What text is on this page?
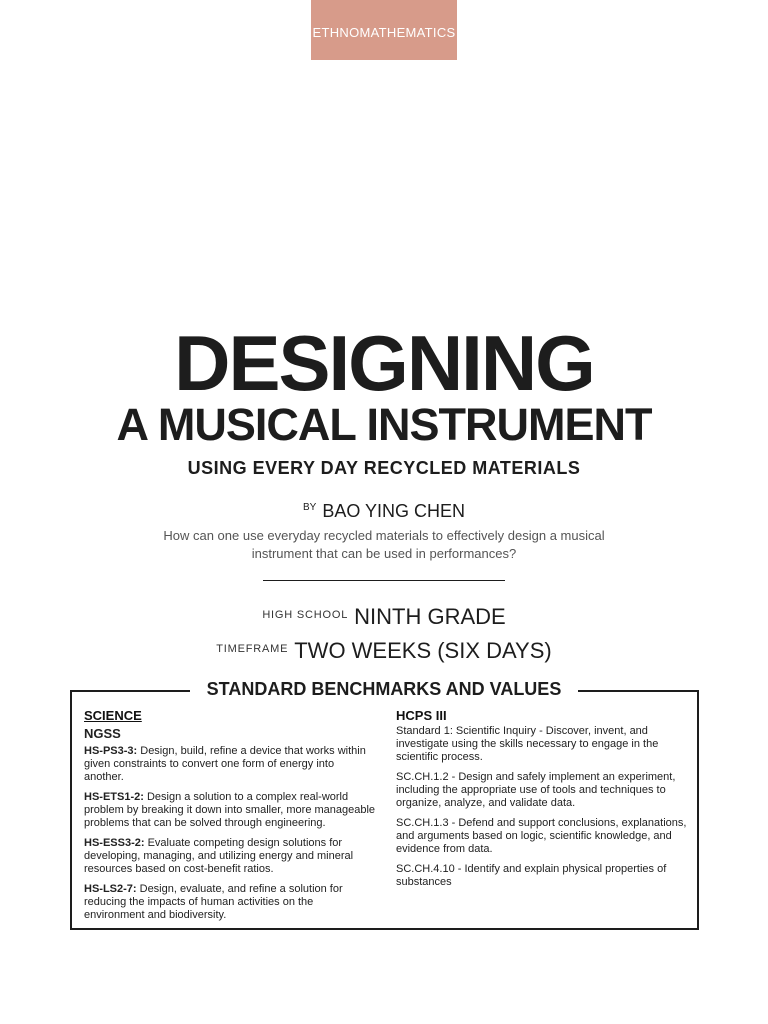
ETHNOMATHEMATICS
DESIGNING
A MUSICAL INSTRUMENT
USING EVERY DAY RECYCLED MATERIALS
$^{BY}$ BAO YING CHEN

How can one use everyday recycled materials to effectively design a musical instrument that can be used in performances?

$^{HIGH SCHOOL}$ NINTH GRADE
$^{TIMEFRAME}$ TWO WEEKS (SIX DAYS)
STANDARD BENCHMARKS AND VALUES
SCIENCE
NGSS
HS-PS3-3: Design, build, refine a device that works within given constraints to convert one form of energy into another.
HS-ETS1-2: Design a solution to a complex real-world problem by breaking it down into smaller, more manageable problems that can be solved through engineering.
HS-ESS3-2: Evaluate competing design solutions for developing, managing, and utilizing energy and mineral resources based on cost-benefit ratios.
HS-LS2-7: Design, evaluate, and refine a solution for reducing the impacts of human activities on the environment and biodiversity.
HCPS III
Standard 1: Scientific Inquiry - Discover, invent, and investigate using the skills necessary to engage in the scientific process.
SC.CH.1.2 - Design and safely implement an experiment, including the appropriate use of tools and techniques to organize, analyze, and validate data.
SC.CH.1.3 - Defend and support conclusions, explanations, and arguments based on logic, scientific knowledge, and evidence from data.
SC.CH.4.10 - Identify and explain physical properties of substances
